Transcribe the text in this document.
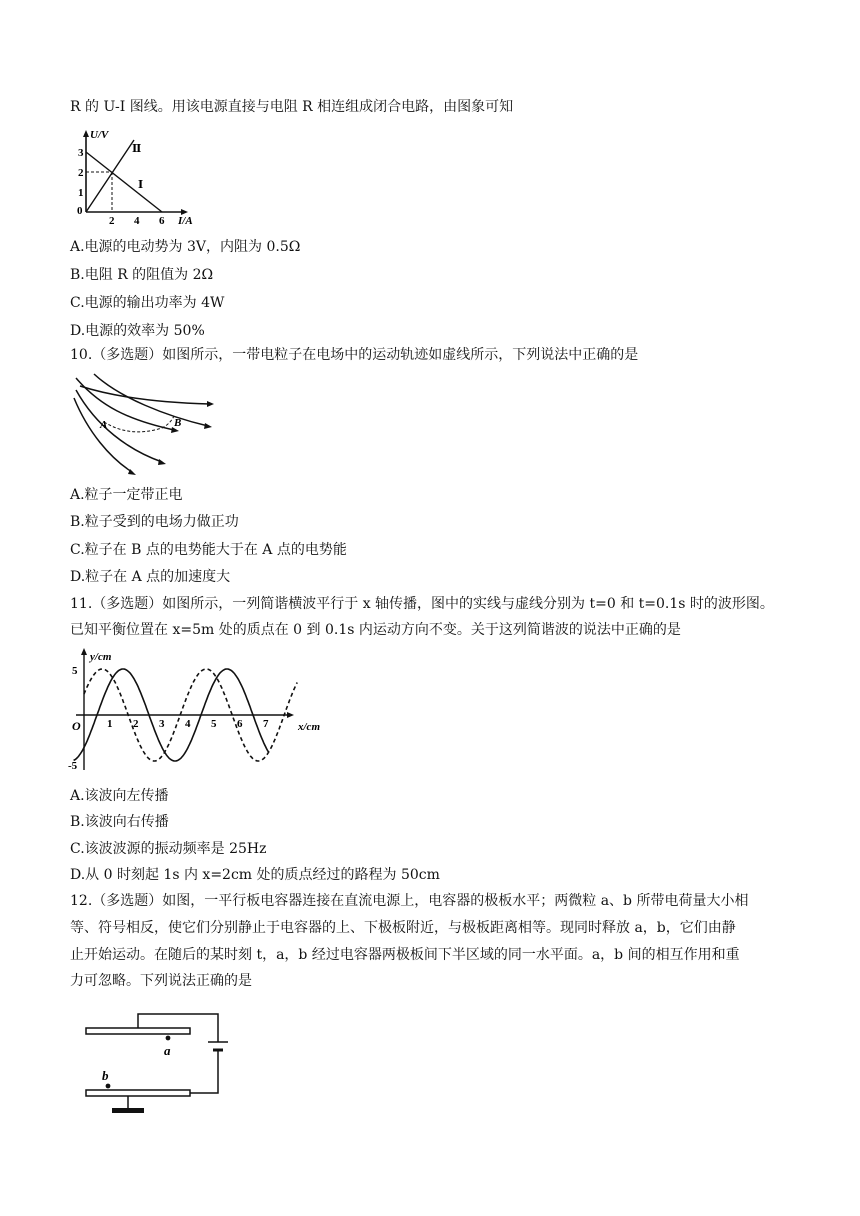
R 的 U-I 图线。用该电源直接与电阻 R 相连组成闭合电路，由图象可知
U/V
3
2
1
0
2 4 6 I/A
Ⅱ
Ⅰ
A.电源的电动势为 3V，内阻为 0.5Ω
B.电阻 R 的阻值为 2Ω
C.电源的输出功率为 4W
D.电源的效率为 50%
10.（多选题）如图所示，一带电粒子在电场中的运动轨迹如虚线所示，下列说法中正确的是
A	B
A.粒子一定带正电
B.粒子受到的电场力做正功
C.粒子在 B 点的电势能大于在 A 点的电势能
D.粒子在 A 点的加速度大
11.（多选题）如图所示，一列简谐横波平行于 x 轴传播，图中的实线与虚线分别为 t=0 和 t=0.1s 时的波形图。
已知平衡位置在 x=5m 处的质点在 0 到 0.1s 内运动方向不变。关于这列简谐波的说法中正确的是
y/cm
5
-5
O	x/cm
1 2 3 4 5 6 7
A.该波向左传播
B.该波向右传播
C.该波波源的振动频率是 25Hz
D.从 0 时刻起 1s 内 x=2cm 处的质点经过的路程为 50cm
12.（多选题）如图，一平行板电容器连接在直流电源上，电容器的极板水平；两微粒 a、b 所带电荷量大小相
等、符号相反，使它们分别静止于电容器的上、下极板附近，与极板距离相等。现同时释放 a，b，它们由静
止开始运动。在随后的某时刻 t，a，b 经过电容器两极板间下半区域的同一水平面。a，b 间的相互作用和重
力可忽略。下列说法正确的是
a
b
